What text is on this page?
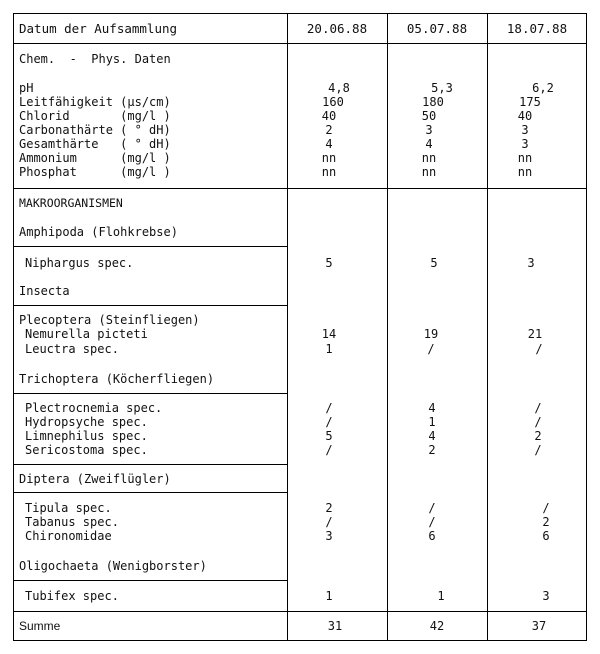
Datum der Aufsammlung	20.06.88	05.07.88	18.07.88
Chem.  -  Phys. Daten
pH	4,8	5,3	6,2
Leitfähigkeit (µs/cm)	160	180	175
Chlorid       (mg/l )	40	50	40
Carbonathärte ( ° dH)	2	3	3
Gesamthärte   ( ° dH)	4	4	3
Ammonium      (mg/l )	nn	nn	nn
Phosphat      (mg/l )	nn	nn	nn
MAKROORGANISMEN
Amphipoda (Flohkrebse)
Niphargus spec.	5	5	3
Insecta
Plecoptera (Steinfliegen)
Nemurella picteti	14	19	21
Leuctra spec.	1	/	/
Trichoptera (Köcherfliegen)
Plectrocnemia spec.	/	4	/
Hydropsyche spec.	/	1	/
Limnephilus spec.	5	4	2
Sericostoma spec.	/	2	/
Diptera (Zweiflügler)
Tipula spec.	2	/	/
Tabanus spec.	/	/	2
Chironomidae	3	6	6
Oligochaeta (Wenigborster)
Tubifex spec.	1	1	3
Summe	31	42	37
